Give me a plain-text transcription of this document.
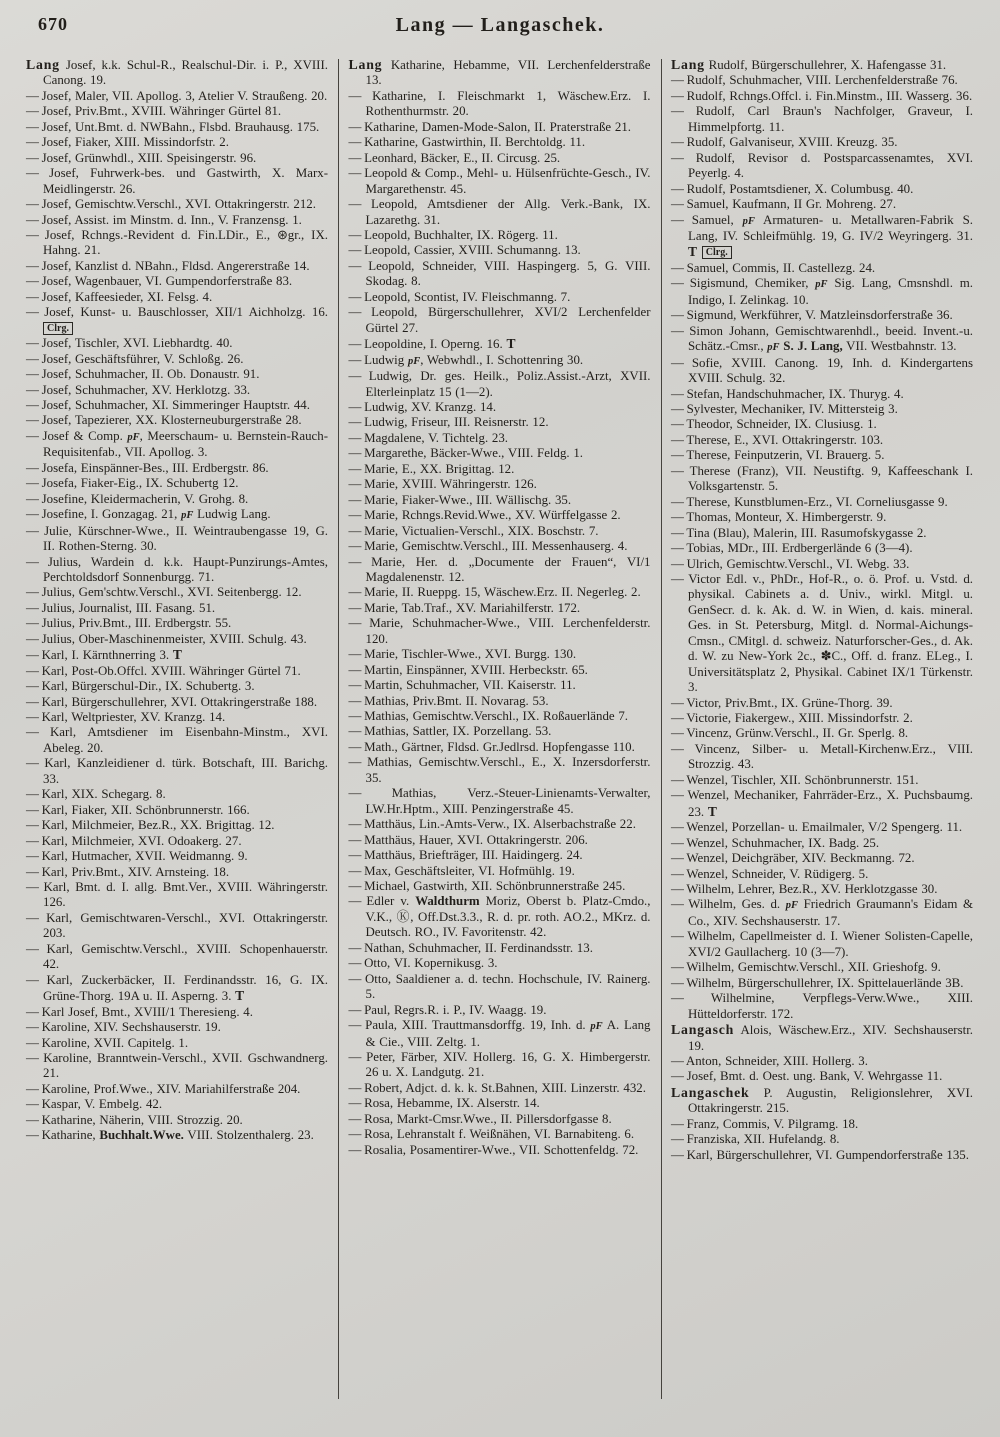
670	Lang — Langaschek.

Lang Josef, k.k. Schul-R., Realschul-Dir. i. P., XVIII. Canong. 19.

— Josef, Maler, VII. Apollog. 3, Atelier V. Straußeng. 20.

— Josef, Priv.Bmt., XVIII. Währinger Gürtel 81.

— Josef, Unt.Bmt. d. NWBahn., Flsbd. Brauhausg. 175.

— Josef, Fiaker, XIII. Missindorfstr. 2.

— Josef, Grünwhdl., XIII. Speisingerstr. 96.

— Josef, Fuhrwerk-bes. und Gastwirth, X. Marx-Meidlingerstr. 26.

— Josef, Gemischtw.Verschl., XVI. Ottakringerstr. 212.

— Josef, Assist. im Minstm. d. Inn., V. Franzensg. 1.

— Josef, Rchngs.-Revident d. Fin.LDir., E., ⊛gr., IX. Hahng. 21.

— Josef, Kanzlist d. NBahn., Fldsd. Angererstraße 14.

— Josef, Wagenbauer, VI. Gumpendorferstraße 83.

— Josef, Kaffeesieder, XI. Felsg. 4.

— Josef, Kunst- u. Bauschlosser, XII/1 Aichholzg. 16. Clrg.

— Josef, Tischler, XVI. Liebhardtg. 40.

— Josef, Geschäftsführer, V. Schloßg. 26.

— Josef, Schuhmacher, II. Ob. Donaustr. 91.

— Josef, Schuhmacher, XV. Herklotzg. 33.

— Josef, Schuhmacher, XI. Simmeringer Hauptstr. 44.

— Josef, Tapezierer, XX. Klosterneuburgerstraße 28.

— Josef & Comp. pF, Meerschaum- u. Bernstein-Rauch-Requisitenfab., VII. Apollog. 3.

— Josefa, Einspänner-Bes., III. Erdbergstr. 86.

— Josefa, Fiaker-Eig., IX. Schubertg 12.

— Josefine, Kleidermacherin, V. Grohg. 8.

— Josefine, I. Gonzagag. 21, pF Ludwig Lang.

— Julie, Kürschner-Wwe., II. Weintraubengasse 19, G. II. Rothen-Sterng. 30.

— Julius, Wardein d. k.k. Haupt-Punzirungs-Amtes, Perchtoldsdorf Sonnenburgg. 71.

— Julius, Gem'schtw.Verschl., XVI. Seitenbergg. 12.

— Julius, Journalist, III. Fasang. 51.

— Julius, Priv.Bmt., III. Erdbergstr. 55.

— Julius, Ober-Maschinenmeister, XVIII. Schulg. 43.

— Karl, I. Kärnthnerring 3. T

— Karl, Post-Ob.Offcl. XVIII. Währinger Gürtel 71.

— Karl, Bürgerschul-Dir., IX. Schubertg. 3.

— Karl, Bürgerschullehrer, XVI. Ottakringerstraße 188.

— Karl, Weltpriester, XV. Kranzg. 14.

— Karl, Amtsdiener im Eisenbahn-Minstm., XVI. Abeleg. 20.

— Karl, Kanzleidiener d. türk. Botschaft, III. Barichg. 33.

— Karl, XIX. Schegarg. 8.

— Karl, Fiaker, XII. Schönbrunnerstr. 166.

— Karl, Milchmeier, Bez.R., XX. Brigittag. 12.

— Karl, Milchmeier, XVI. Odoakerg. 27.

— Karl, Hutmacher, XVII. Weidmanng. 9.

— Karl, Priv.Bmt., XIV. Arnsteing. 18.

— Karl, Bmt. d. I. allg. Bmt.Ver., XVIII. Währingerstr. 126.

— Karl, Gemischtwaren-Verschl., XVI. Ottakringerstr. 203.

— Karl, Gemischtw.Verschl., XVIII. Schopenhauerstr. 42.

— Karl, Zuckerbäcker, II. Ferdinandsstr. 16, G. IX. Grüne-Thorg. 19A u. II. Asperng. 3. T

— Karl Josef, Bmt., XVIII/1 Theresieng. 4.

— Karoline, XIV. Sechshauserstr. 19.

— Karoline, XVII. Capitelg. 1.

— Karoline, Branntwein-Verschl., XVII. Gschwandnerg. 21.

— Karoline, Prof.Wwe., XIV. Mariahilferstraße 204.

— Kaspar, V. Embelg. 42.

— Katharine, Näherin, VIII. Strozzig. 20.

— Katharine, Buchhalt.Wwe. VIII. Stolzenthalerg. 23.

Lang Katharine, Hebamme, VII. Lerchenfelderstraße 13.

— Katharine, I. Fleischmarkt 1, Wäschew.Erz. I. Rothenthurmstr. 20.

— Katharine, Damen-Mode-Salon, II. Praterstraße 21.

— Katharine, Gastwirthin, II. Berchtoldg. 11.

— Leonhard, Bäcker, E., II. Circusg. 25.

— Leopold & Comp., Mehl- u. Hülsenfrüchte-Gesch., IV. Margarethenstr. 45.

— Leopold, Amtsdiener der Allg. Verk.-Bank, IX. Lazarethg. 31.

— Leopold, Buchhalter, IX. Rögerg. 11.

— Leopold, Cassier, XVIII. Schumanng. 13.

— Leopold, Schneider, VIII. Haspingerg. 5, G. VIII. Skodag. 8.

— Leopold, Scontist, IV. Fleischmanng. 7.

— Leopold, Bürgerschullehrer, XVI/2 Lerchenfelder Gürtel 27.

— Leopoldine, I. Operng. 16. T

— Ludwig pF, Webwhdl., I. Schottenring 30.

— Ludwig, Dr. ges. Heilk., Poliz.Assist.-Arzt, XVII. Elterleinplatz 15 (1—2).

— Ludwig, XV. Kranzg. 14.

— Ludwig, Friseur, III. Reisnerstr. 12.

— Magdalene, V. Tichtelg. 23.

— Margarethe, Bäcker-Wwe., VIII. Feldg. 1.

— Marie, E., XX. Brigittag. 12.

— Marie, XVIII. Währingerstr. 126.

— Marie, Fiaker-Wwe., III. Wällischg. 35.

— Marie, Rchngs.Revid.Wwe., XV. Würffelgasse 2.

— Marie, Victualien-Verschl., XIX. Boschstr. 7.

— Marie, Gemischtw.Verschl., III. Messenhauserg. 4.

— Marie, Her. d. „Documente der Frauen“, VI/1 Magdalenenstr. 12.

— Marie, II. Rueppg. 15, Wäschew.Erz. II. Negerleg. 2.

— Marie, Tab.Traf., XV. Mariahilferstr. 172.

— Marie, Schuhmacher-Wwe., VIII. Lerchenfelderstr. 120.

— Marie, Tischler-Wwe., XVI. Burgg. 130.

— Martin, Einspänner, XVIII. Herbeckstr. 65.

— Martin, Schuhmacher, VII. Kaiserstr. 11.

— Mathias, Priv.Bmt. II. Novarag. 53.

— Mathias, Gemischtw.Verschl., IX. Roßauerlände 7.

— Mathias, Sattler, IX. Porzellang. 53.

— Math., Gärtner, Fldsd. Gr.Jedlrsd. Hopfengasse 110.

— Mathias, Gemischtw.Verschl., E., X. Inzersdorferstr. 35.

— Mathias, Verz.-Steuer-Linienamts-Verwalter, LW.Hr.Hptm., XIII. Penzingerstraße 45.

— Matthäus, Lin.-Amts-Verw., IX. Alserbachstraße 22.

— Matthäus, Hauer, XVI. Ottakringerstr. 206.

— Matthäus, Briefträger, III. Haidingerg. 24.

— Max, Geschäftsleiter, VI. Hofmühlg. 19.

— Michael, Gastwirth, XII. Schönbrunnerstraße 245.

— Edler v. Waldthurm Moriz, Oberst b. Platz-Cmdo., V.K., Ⓚ, Off.Dst.3.3., R. d. pr. roth. AO.2., MKrz. d. Deutsch. RO., IV. Favoritenstr. 42.

— Nathan, Schuhmacher, II. Ferdinandsstr. 13.

— Otto, VI. Kopernikusg. 3.

— Otto, Saaldiener a. d. techn. Hochschule, IV. Rainerg. 5.

— Paul, Regrs.R. i. P., IV. Waagg. 19.

— Paula, XIII. Trauttmansdorffg. 19, Inh. d. pF A. Lang & Cie., VIII. Zeltg. 1.

— Peter, Färber, XIV. Hollerg. 16, G. X. Himbergerstr. 26 u. X. Landgutg. 21.

— Robert, Adjct. d. k. k. St.Bahnen, XIII. Linzerstr. 432.

— Rosa, Hebamme, IX. Alserstr. 14.

— Rosa, Markt-Cmsr.Wwe., II. Pillersdorfgasse 8.

— Rosa, Lehranstalt f. Weißnähen, VI. Barnabiteng. 6.

— Rosalia, Posamentirer-Wwe., VII. Schottenfeldg. 72.

Lang Rudolf, Bürgerschullehrer, X. Hafengasse 31.

— Rudolf, Schuhmacher, VIII. Lerchenfelderstraße 76.

— Rudolf, Rchngs.Offcl. i. Fin.Minstm., III. Wasserg. 36.

— Rudolf, Carl Braun's Nachfolger, Graveur, I. Himmelpfortg. 11.

— Rudolf, Galvaniseur, XVIII. Kreuzg. 35.

— Rudolf, Revisor d. Postsparcassenamtes, XVI. Peyerlg. 4.

— Rudolf, Postamtsdiener, X. Columbusg. 40.

— Samuel, Kaufmann, II Gr. Mohreng. 27.

— Samuel, pF Armaturen- u. Metallwaren-Fabrik S. Lang, IV. Schleifmühlg. 19, G. IV/2 Weyringerg. 31. T Clrg.

— Samuel, Commis, II. Castellezg. 24.

— Sigismund, Chemiker, pF Sig. Lang, Cmsnshdl. m. Indigo, I. Zelinkag. 10.

— Sigmund, Werkführer, V. Matzleinsdorferstraße 36.

— Simon Johann, Gemischtwarenhdl., beeid. Invent.-u. Schätz.-Cmsr., pF S. J. Lang, VII. Westbahnstr. 13.

— Sofie, XVIII. Canong. 19, Inh. d. Kindergartens XVIII. Schulg. 32.

— Stefan, Handschuhmacher, IX. Thuryg. 4.

— Sylvester, Mechaniker, IV. Mittersteig 3.

— Theodor, Schneider, IX. Clusiusg. 1.

— Therese, E., XVI. Ottakringerstr. 103.

— Therese, Feinputzerin, VI. Brauerg. 5.

— Therese (Franz), VII. Neustiftg. 9, Kaffeeschank I. Volksgartenstr. 5.

— Therese, Kunstblumen-Erz., VI. Corneliusgasse 9.

— Thomas, Monteur, X. Himbergerstr. 9.

— Tina (Blau), Malerin, III. Rasumofskygasse 2.

— Tobias, MDr., III. Erdbergerlände 6 (3—4).

— Ulrich, Gemischtw.Verschl., VI. Webg. 33.

— Victor Edl. v., PhDr., Hof-R., o. ö. Prof. u. Vstd. d. physikal. Cabinets a. d. Univ., wirkl. Mitgl. u. GenSecr. d. k. Ak. d. W. in Wien, d. kais. mineral. Ges. in St. Petersburg, Mitgl. d. Normal-Aichungs-Cmsn., CMitgl. d. schweiz. Naturforscher-Ges., d. Ak. d. W. zu New-York 2c., ✽C., Off. d. franz. ELeg., I. Universitätsplatz 2, Physikal. Cabinet IX/1 Türkenstr. 3.

— Victor, Priv.Bmt., IX. Grüne-Thorg. 39.

— Victorie, Fiakergew., XIII. Missindorfstr. 2.

— Vincenz, Grünw.Verschl., II. Gr. Sperlg. 8.

— Vincenz, Silber- u. Metall-Kirchenw.Erz., VIII. Strozzig. 43.

— Wenzel, Tischler, XII. Schönbrunnerstr. 151.

— Wenzel, Mechaniker, Fahrräder-Erz., X. Puchsbaumg. 23. T

— Wenzel, Porzellan- u. Emailmaler, V/2 Spengerg. 11.

— Wenzel, Schuhmacher, IX. Badg. 25.

— Wenzel, Deichgräber, XIV. Beckmanng. 72.

— Wenzel, Schneider, V. Rüdigerg. 5.

— Wilhelm, Lehrer, Bez.R., XV. Herklotzgasse 30.

— Wilhelm, Ges. d. pF Friedrich Graumann's Eidam & Co., XIV. Sechshauserstr. 17.

— Wilhelm, Capellmeister d. I. Wiener Solisten-Capelle, XVI/2 Gaullacherg. 10 (3—7).

— Wilhelm, Gemischtw.Verschl., XII. Grieshofg. 9.

— Wilhelm, Bürgerschullehrer, IX. Spittelauerlände 3B.

— Wilhelmine, Verpflegs-Verw.Wwe., XIII. Hütteldorferstr. 172.

Langasch Alois, Wäschew.Erz., XIV. Sechshauserstr. 19.

— Anton, Schneider, XIII. Hollerg. 3.

— Josef, Bmt. d. Oest. ung. Bank, V. Wehrgasse 11.

Langaschek P. Augustin, Religionslehrer, XVI. Ottakringerstr. 215.

— Franz, Commis, V. Pilgramg. 18.

— Franziska, XII. Hufelandg. 8.

— Karl, Bürgerschullehrer, VI. Gumpendorferstraße 135.
